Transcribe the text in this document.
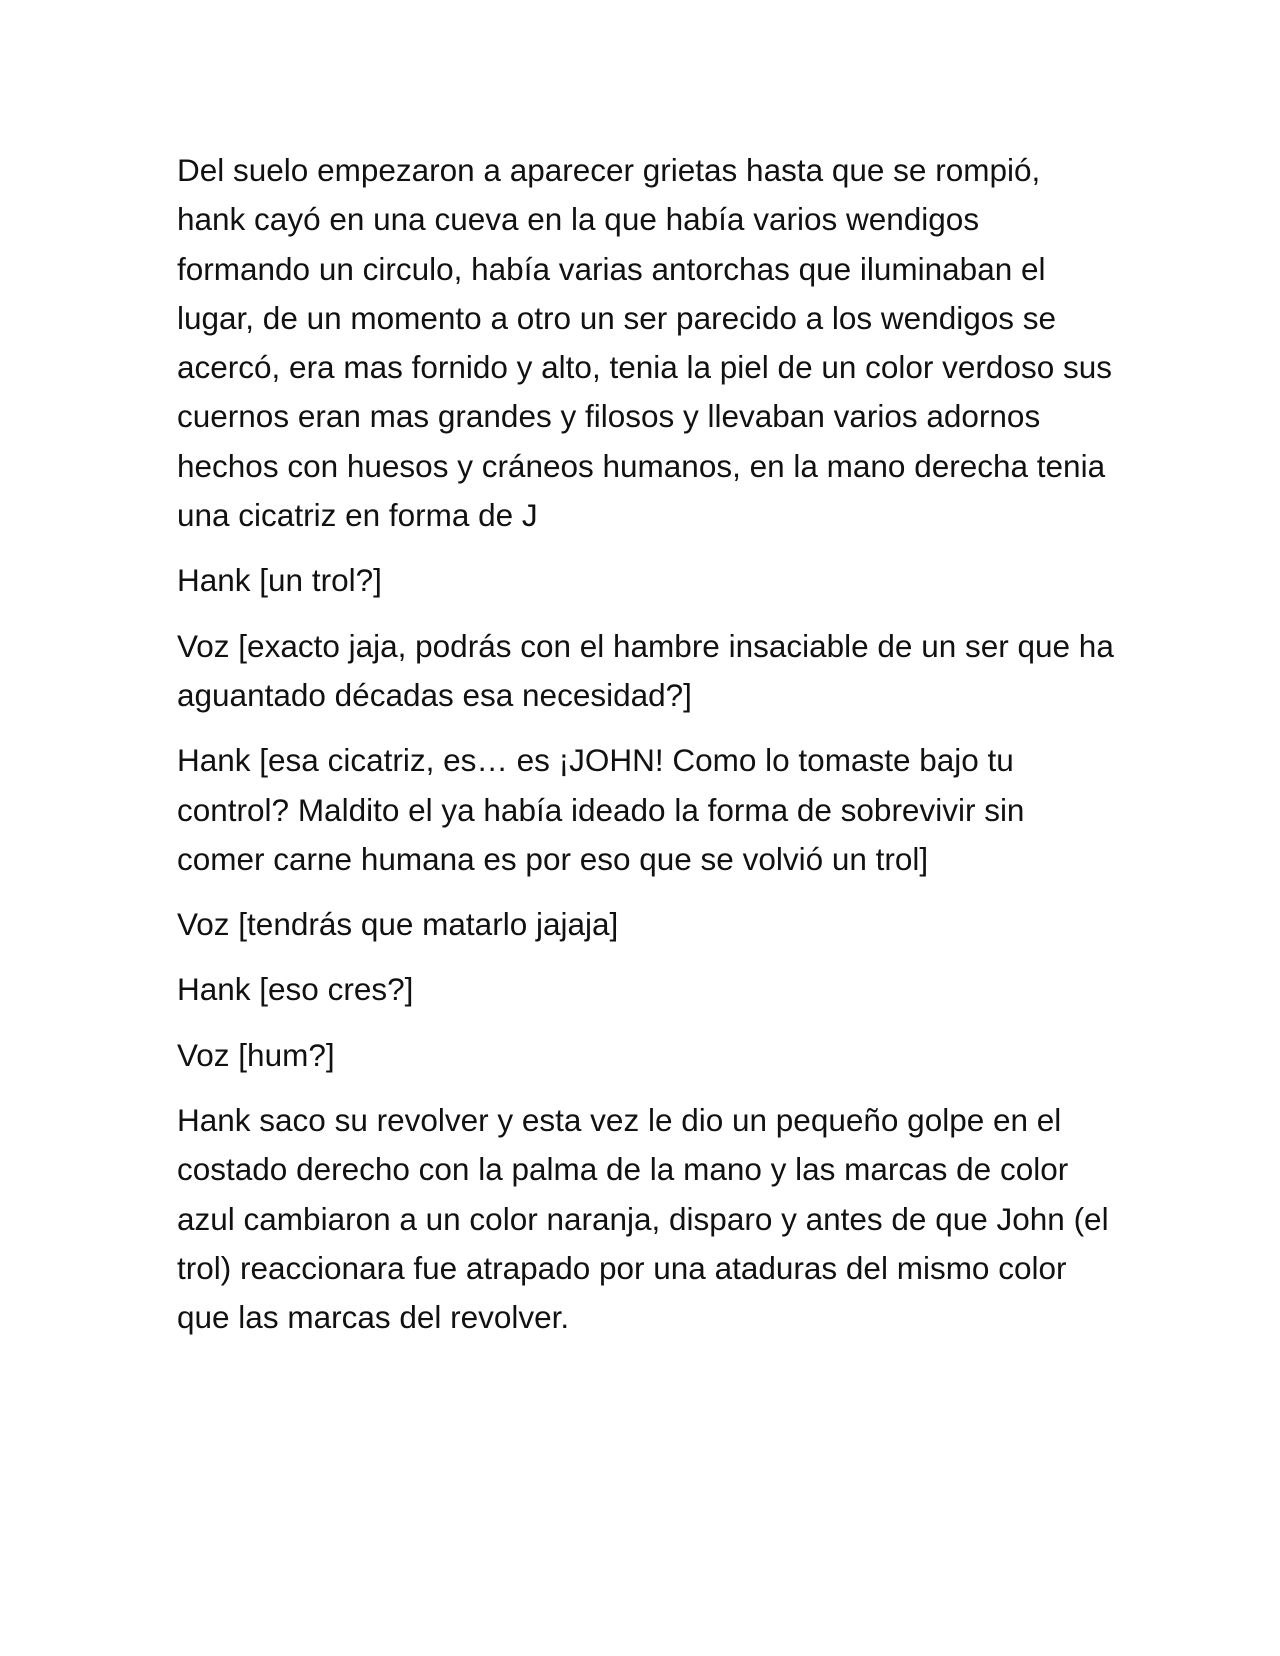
Del suelo empezaron a aparecer grietas hasta que se rompió, hank cayó en una cueva en la que había varios wendigos formando un circulo, había varias antorchas que iluminaban el lugar, de un momento a otro un ser parecido a los wendigos se acercó, era mas fornido y alto, tenia la piel de un color verdoso sus cuernos eran mas grandes y filosos y llevaban varios adornos hechos con huesos y cráneos humanos, en la mano derecha tenia una cicatriz en forma de J

Hank [un trol?]

Voz [exacto jaja, podrás con el hambre insaciable de un ser que ha aguantado décadas esa necesidad?]

Hank [esa cicatriz, es… es ¡JOHN! Como lo tomaste bajo tu control? Maldito el ya había ideado la forma de sobrevivir sin comer carne humana es por eso que se volvió un trol]

Voz [tendrás que matarlo jajaja]

Hank [eso cres?]

Voz [hum?]

Hank saco su revolver y esta vez le dio un pequeño golpe en el costado derecho con la palma de la mano y las marcas de color azul cambiaron a un color naranja, disparo y antes de que John (el trol) reaccionara fue atrapado por una ataduras del mismo color que las marcas del revolver.
